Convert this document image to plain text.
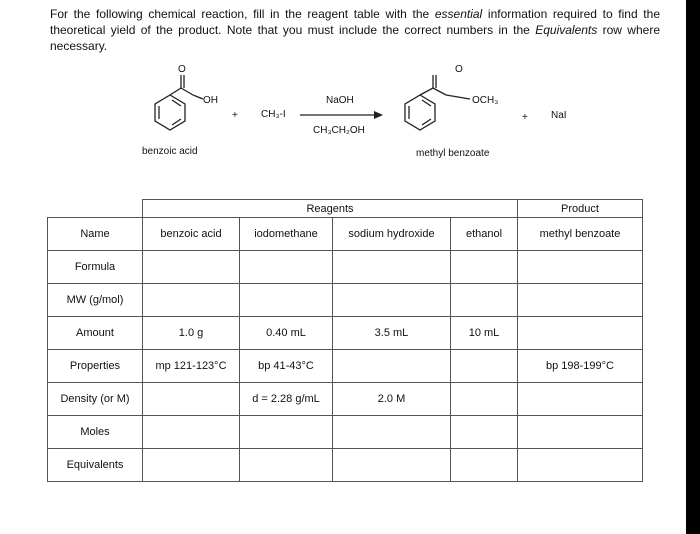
For the following chemical reaction, fill in the reagent table with the essential information required to find the theoretical yield of the product. Note that you must include the correct numbers in the Equivalents row where necessary.
O
OH
benzoic acid
+ CH₃-I
NaOH
CH₃CH₂OH
O
OCH₃
methyl benzoate
+ NaI
	Reagents				Product
Name	benzoic acid	iodomethane	sodium hydroxide	ethanol	methyl benzoate
Formula					
MW (g/mol)					
Amount	1.0 g	0.40 mL	3.5 mL	10 mL	
Properties	mp 121-123°C	bp 41-43°C			bp 198-199°C
Density (or M)		d = 2.28 g/mL	2.0 M		
Moles					
Equivalents					
